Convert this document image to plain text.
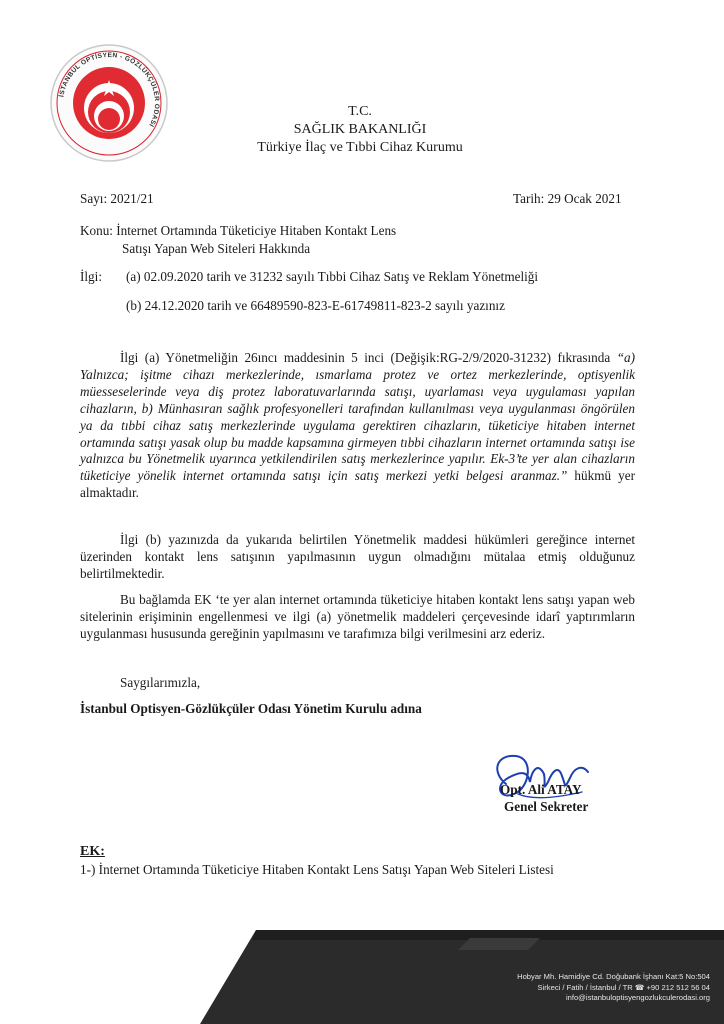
İSTANBUL OPTİSYEN - GÖZLÜKÇÜLER ODASI
T.C.
SAĞLIK BAKANLIĞI
Türkiye İlaç ve Tıbbi Cihaz Kurumu
Sayı: 2021/21	Tarih: 29 Ocak 2021
Konu: İnternet Ortamında Tüketiciye Hitaben Kontakt Lens
Satışı Yapan Web Siteleri Hakkında
İlgi: (a) 02.09.2020 tarih ve 31232 sayılı Tıbbi Cihaz Satış ve Reklam Yönetmeliği
(b) 24.12.2020 tarih ve 66489590-823-E-61749811-823-2 sayılı yazınız
İlgi (a) Yönetmeliğin 26ıncı maddesinin 5 inci (Değişik:RG-2/9/2020-31232) fıkrasında “a) Yalnızca; işitme cihazı merkezlerinde, ısmarlama protez ve ortez merkezlerinde, optisyenlik müesseselerinde veya diş protez laboratuvarlarında satışı, uyarlaması veya uygulaması yapılan cihazların, b) Münhasıran sağlık profesyonelleri tarafından kullanılması veya uygulanması öngörülen ya da tıbbi cihaz satış merkezlerinde uygulama gerektiren cihazların, tüketiciye hitaben internet ortamında satışı yasak olup bu madde kapsamına girmeyen tıbbi cihazların internet ortamında satışı ise yalnızca bu Yönetmelik uyarınca yetkilendirilen satış merkezlerince yapılır. Ek-3’te yer alan cihazların tüketiciye yönelik internet ortamında satışı için satış merkezi yetki belgesi aranmaz.” hükmü yer almaktadır.
İlgi (b) yazınızda da yukarıda belirtilen Yönetmelik maddesi hükümleri gereğince internet üzerinden kontakt lens satışının yapılmasının uygun olmadığını mütalaa etmiş olduğunuz belirtilmektedir.
Bu bağlamda EK ‘te yer alan internet ortamında tüketiciye hitaben kontakt lens satışı yapan web sitelerinin erişiminin engellenmesi ve ilgi (a) yönetmelik maddeleri çerçevesinde idarî yaptırımların uygulanması hususunda gereğinin yapılmasını ve tarafımıza bilgi verilmesini arz ederiz.
Saygılarımızla,
İstanbul Optisyen-Gözlükçüler Odası Yönetim Kurulu adına
Opt. Ali ATAY
Genel Sekreter
EK:
1-) İnternet Ortamında Tüketiciye Hitaben Kontakt Lens Satışı Yapan Web Siteleri Listesi
Hobyar Mh. Hamidiye Cd. Doğubank İşhanı Kat:5 No:504
Sirkeci / Fatih / İstanbul / TR ☎ +90 212 512 56 04
info@istanbuloptisyengozlukculerodasi.org
